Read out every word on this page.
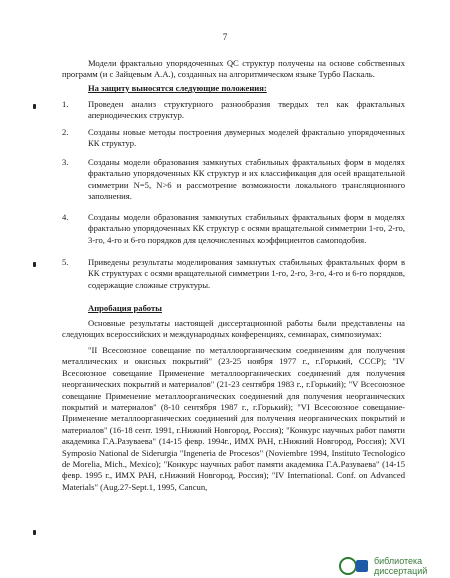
7
Модели фрактально упорядоченных QC структур получены на основе собственных программ (и с Зайцевым А.А.), созданных на алгоритмическом языке Турбо Паскаль.
На защиту выносятся следующие положения:
1. Проведен анализ структурного разнообразия твердых тел как фрактальных апериодических структур.
2. Созданы новые методы построения двумерных моделей фрактально упорядоченных КК структур.
3. Созданы модели образования замкнутых стабильных фрактальных форм в моделях фрактально упорядоченных КК структур и их классификация для осей вращательной симметрии N=5, N>6 и рассмотрение возможности локального трансляционного заполнения.
4. Созданы модели образования замкнутых стабильных фрактальных форм в моделях фрактально упорядоченных КК структур с осями вращательной симметрии 1-го, 2-го, 3-го, 4-го и 6-го порядков для целочисленных коэффициентов самоподобия.
5. Приведены результаты моделирования замкнутых стабильных фрактальных форм в КК структурах с осями вращательной симметрии 1-го, 2-го, 3-го, 4-го и 6-го порядков, содержащие сложные структуры.
Апробация работы
Основные результаты настоящей диссертационной работы были представлены на следующих всероссийских и международных конференциях, семинарах, симпозиумах:
"II Всесоюзное совещание по металлоорганическим соединениям для получения металлических и окисных покрытий" (23-25 ноября 1977 г., г.Горький, СССР); "IV Всесоюзное совещание Применение металлоорганических соединений для получения неорганических покрытий и материалов" (21-23 сентября 1983 г., г.Горький); "V Всесоюзное совещание Применение металлоорганических соединений для получения неорганических покрытий и материалов" (8-10 сентября 1987 г., г.Горький); "VI Всесоюзное совещание- Применение металлоорганических соединений для получения неорганических покрытий и материалов" (16-18 сент. 1991, г.Нижний Новгород, Россия); "Конкурс научных работ памяти академика Г.А.Разуваева" (14-15 февр. 1994г., ИМХ РАН, г.Нижний Новгород, Россия); XVI Symposio National de Siderurgia "Ingeneria de Procesos" (Noviembre 1994, Instituto Tecnologico de Morelia, Mich., Mexico); "Конкурс научных работ памяти академика Г.А.Разуваева" (14-15 февр. 1995 г., ИМХ РАН, г.Нижний Новгород, Россия); "IV International. Conf. on Advanced Materials" (Aug.27-Sept.1, 1995, Cancun,
библиотека диссертаций
